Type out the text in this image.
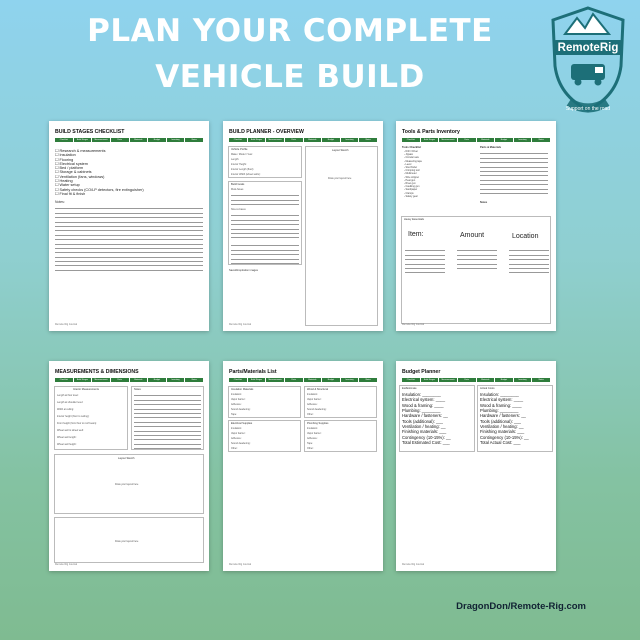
PLAN YOUR COMPLETE
VEHICLE BUILD
RemoteRig
Support on the road
BUILD STAGES CHECKLIST
Checklist	Build Stages	Measurements	Parts	Materials	Budget	Inventory	Notes
☐ Research & measurements
☐ Insulation
☐ Flooring
☐ Electrical system
☐ Bed / platform
☐ Storage & cabinets
☐ Ventilation (fans, windows)
☐ Heating
☐ Water setup
☐ Safety checks (CO/LP detectors, fire extinguisher)
☐ Final fit & finish
Notes:
Remote Rig Journal
BUILD PLANNER - OVERVIEW
Checklist	Build Stages	Measurements	Parts	Materials	Budget	Inventory	Notes
Vehicle Profile
Make / Model / Year:
Length:
Interior Height:
Interior Length (floor):
Interior Width (wheel wells):
Layout Sketch
Draw your layout here
Build Goals
Must-haves
Nice-to-haves
Saved/inspiration images
Remote Rig Journal
Tools & Parts Inventory
Checklist	Build Stages	Measurements	Parts	Materials	Budget	Inventory	Notes
Tools Checklist
▫ Drill / Driver
▫ Jigsaw
▫ Circular saw
▫ Measuring tape
▫ Level
▫ Stud finder
▫ Crimping tool
▫ Multimeter
▫ Wire stripper
▫ Heat gun
▫ Rivet gun
▫ Caulking gun
▫ Sandpaper
▫ Clamps
▫ Safety gear
Parts & Materials
Notes
Heavy Essentials
Item:	Amount	Location
Remote Rig Journal
MEASUREMENTS & DIMENSIONS
Checklist	Build Stages	Measurements	Parts	Materials	Budget	Inventory	Notes
Interior Measurements
Length at floor level:
Length at shoulder level:
Width at ceiling:
Interior height (floor to ceiling):
Front height (from floor to roof beam):
Wheel well to wheel well:
Wheel well length:
Wheel well height:
Notes
Layout Sketch
Draw your layout here
Draw your layout here
Remote Rig Journal
Parts/Materials List
Checklist	Build Stages	Measurements	Parts	Materials	Budget	Inventory	Notes
Insulation Materials
Insulation:
Vapor barrier:
Adhesive:
Sound deadening:
Tape:
Wood & Structural
Insulation:
Vapor barrier:
Adhesive:
Sound deadening:
Other:
Electrical Supplies
Insulation:
Vapor barrier:
Adhesive:
Sound deadening:
Other:
Plumbing Supplies
Insulation:
Vapor barrier:
Adhesive:
Tape:
Other:
Remote Rig Journal
Budget Planner
Checklist	Build Stages	Measurements	Parts	Materials	Budget	Inventory	Notes
Est/Estimate
Insulation: ________
Electrical system: ____
Wood & framing: ____
Plumbing: ________
Hardware / fasteners: __
Tools (additional): ___
Ventilation / heating: __
Finishing materials: ___
Contingency (10-15%): __
Total Estimated Cost: ___
Actual Costs
Insulation: ________
Electrical system: ____
Wood & framing: ____
Plumbing: ________
Hardware / fasteners: __
Tools (additional): ___
Ventilation / heating: __
Finishing materials: ___
Contingency (10-15%): __
Total Actual Cost: ___
Remote Rig Journal
DragonDon/Remote-Rig.com
